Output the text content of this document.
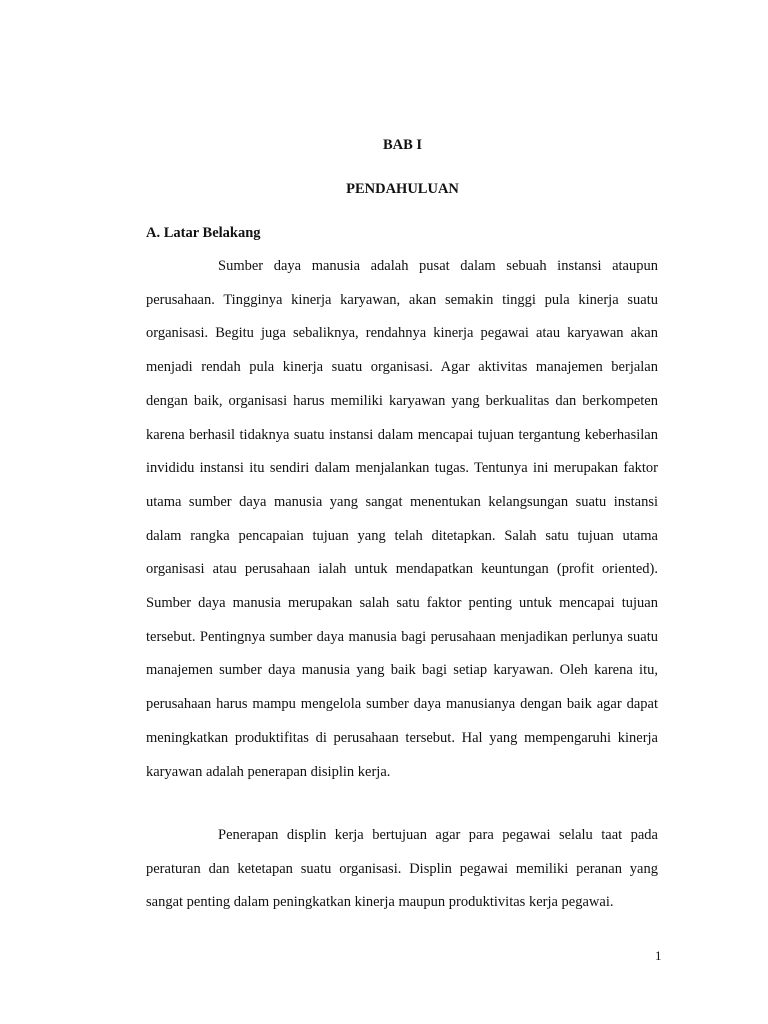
BAB I
PENDAHULUAN
A. Latar Belakang

Sumber daya manusia adalah pusat dalam sebuah instansi ataupun perusahaan. Tingginya kinerja karyawan, akan semakin tinggi pula kinerja suatu organisasi. Begitu juga sebaliknya, rendahnya kinerja pegawai atau karyawan akan menjadi rendah pula kinerja suatu organisasi. Agar aktivitas manajemen berjalan dengan baik, organisasi harus memiliki karyawan yang berkualitas dan berkompeten karena berhasil tidaknya suatu instansi dalam mencapai tujuan tergantung keberhasilan invididu instansi itu sendiri dalam menjalankan tugas. Tentunya ini merupakan faktor utama sumber daya manusia yang sangat menentukan kelangsungan suatu instansi dalam rangka pencapaian tujuan yang telah ditetapkan. Salah satu tujuan utama organisasi atau perusahaan ialah untuk mendapatkan keuntungan (profit oriented). Sumber daya manusia merupakan salah satu faktor penting untuk mencapai tujuan tersebut. Pentingnya sumber daya manusia bagi perusahaan menjadikan perlunya suatu manajemen sumber daya manusia yang baik bagi setiap karyawan. Oleh karena itu, perusahaan harus mampu mengelola sumber daya manusianya dengan baik agar dapat meningkatkan produktifitas di perusahaan tersebut. Hal yang mempengaruhi kinerja karyawan adalah penerapan disiplin kerja.

Penerapan displin kerja bertujuan agar para pegawai selalu taat pada peraturan dan ketetapan suatu organisasi. Displin pegawai memiliki peranan yang sangat penting dalam peningkatkan kinerja maupun produktivitas kerja pegawai.

1
